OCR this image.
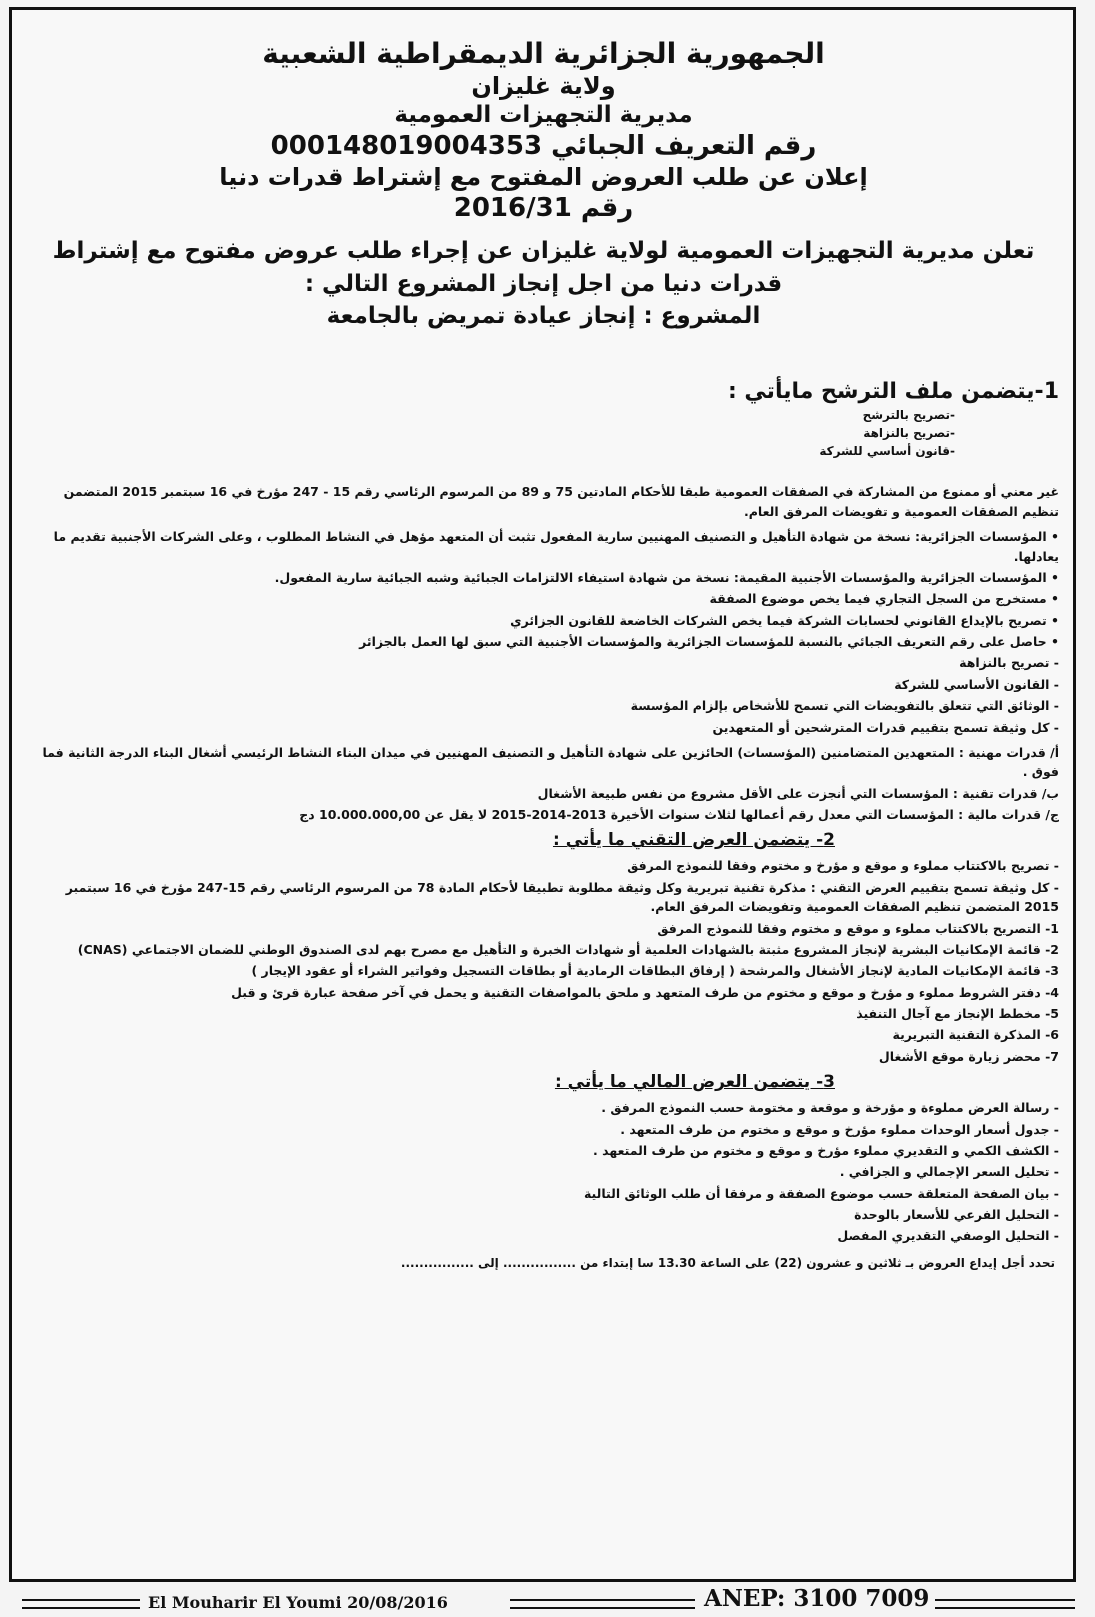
الجمهورية الجزائرية الديمقراطية الشعبية

ولاية غليزان

مديرية التجهيزات العمومية

رقم التعريف الجبائي 000148019004353

إعلان عن طلب العروض المفتوح مع إشتراط قدرات دنيا

رقم 2016/31

تعلن مديرية التجهيزات العمومية لولاية غليزان عن إجراء طلب عروض مفتوح مع إشتراط قدرات دنيا من اجل إنجاز المشروع التالي :

المشروع : إنجاز عيادة تمريض بالجامعة

1-يتضمن ملف الترشح مايأتي :

-تصريح بالترشح
-تصريح بالنزاهة
-قانون أساسي للشركة

غير معني أو ممنوع من المشاركة في الصفقات العمومية طبقا للأحكام المادتين 75 و 89 من المرسوم الرئاسي رقم 15 - 247 مؤرخ في 16 سبتمبر 2015 المتضمن تنظيم الصفقات العمومية و تفويضات المرفق العام.

• المؤسسات الجزائرية: نسخة من شهادة التأهيل و التصنيف المهنيين سارية المفعول تثبت أن المتعهد مؤهل في النشاط المطلوب ، وعلى الشركات الأجنبية تقديم ما يعادلها.
• المؤسسات الجزائرية والمؤسسات الأجنبية المقيمة: نسخة من شهادة استيفاء الالتزامات الجبائية وشبه الجبائية سارية المفعول.
• مستخرج من السجل التجاري فيما يخص موضوع الصفقة
• تصريح بالإيداع القانوني لحسابات الشركة فيما يخص الشركات الخاضعة للقانون الجزائري
• حاصل على رقم التعريف الجبائي بالنسبة للمؤسسات الجزائرية والمؤسسات الأجنبية التي سبق لها العمل بالجزائر
- تصريح بالنزاهة
- القانون الأساسي للشركة
- الوثائق التي تتعلق بالتفويضات التي تسمح للأشخاص بإلزام المؤسسة
- كل وثيقة تسمح بتقييم قدرات المترشحين أو المتعهدين
أ/ قدرات مهنية : المتعهدين المتضامنين (المؤسسات) الحائزين على شهادة التأهيل و التصنيف المهنيين في ميدان البناء النشاط الرئيسي أشغال البناء الدرجة الثانية فما فوق .
ب/ قدرات تقنية : المؤسسات التي أنجزت على الأقل مشروع من نفس طبيعة الأشغال
ج/ قدرات مالية : المؤسسات التي معدل رقم أعمالها لثلاث سنوات الأخيرة 2013-2014-2015 لا يقل عن 10.000.000,00 دج

2- يتضمن العرض التقني ما يأتي :

- تصريح بالاكتتاب مملوء و موقع و مؤرخ و مختوم وفقا للنموذج المرفق
- كل وثيقة تسمح بتقييم العرض التقني : مذكرة تقنية تبريرية وكل وثيقة مطلوبة تطبيقا لأحكام المادة 78 من المرسوم الرئاسي رقم 15-247 مؤرخ في 16 سبتمبر 2015 المتضمن تنظيم الصفقات العمومية وتفويضات المرفق العام.
1- التصريح بالاكتتاب مملوء و موقع و مختوم وفقا للنموذج المرفق
2- قائمة الإمكانيات البشرية لإنجاز المشروع مثبتة بالشهادات العلمية أو شهادات الخبرة و التأهيل مع مصرح بهم لدى الصندوق الوطني للضمان الاجتماعي (CNAS)
3- قائمة الإمكانيات المادية لإنجاز الأشغال والمرشحة ( إرفاق البطاقات الرمادية أو بطاقات التسجيل وفواتير الشراء أو عقود الإيجار )
4- دفتر الشروط مملوء و مؤرخ و موقع و مختوم من طرف المتعهد و ملحق بالمواصفات التقنية و يحمل في آخر صفحة عبارة قرئ و قبل
5- مخطط الإنجاز مع آجال التنفيذ
6- المذكرة التقنية التبريرية
7- محضر زيارة موقع الأشغال

3- يتضمن العرض المالي ما يأتي :

- رسالة العرض مملوءة و مؤرخة و موقعة و مختومة حسب النموذج المرفق .
- جدول أسعار الوحدات مملوء مؤرخ و موقع و مختوم من طرف المتعهد .
- الكشف الكمي و التقديري مملوء مؤرخ و موقع و مختوم من طرف المتعهد .
- تحليل السعر الإجمالي و الجزافي .
- بيان الصفحة المتعلقة حسب موضوع الصفقة و مرفقا أن طلب الوثائق التالية
- التحليل الفرعي للأسعار بالوحدة
- التحليل الوصفي التقديري المفصل

تحدد أجل إيداع العروض بـ ثلاثين و عشرون (22) على الساعة 13.30 سا إبتداء من ................ إلى ................

El Mouharir El Youmi 20/08/2016	ANEP: 3100 7009
